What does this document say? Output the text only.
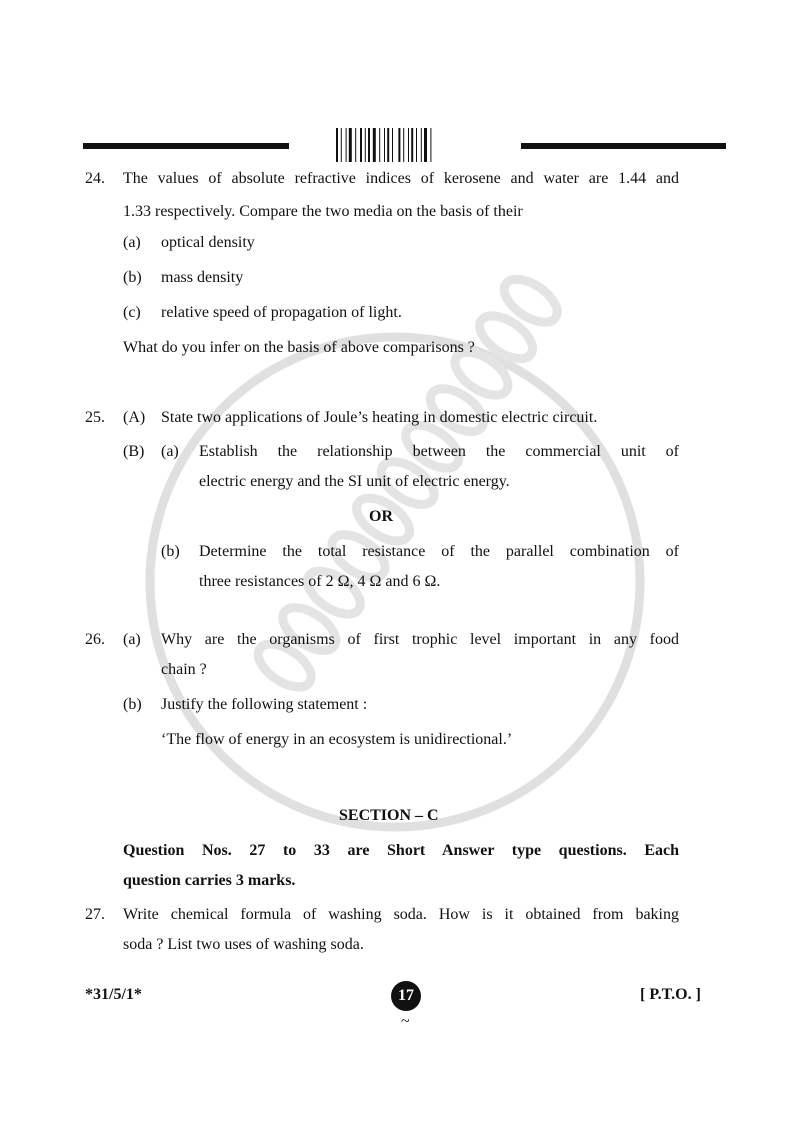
24. The values of absolute refractive indices of kerosene and water are 1.44 and
1.33 respectively. Compare the two media on the basis of their
(a) optical density
(b) mass density
(c) relative speed of propagation of light.
What do you infer on the basis of above comparisons ?
25. (A) State two applications of Joule’s heating in domestic electric circuit.
(B) (a) Establish the relationship between the commercial unit of
electric energy and the SI unit of electric energy.
OR
(b) Determine the total resistance of the parallel combination of
three resistances of 2 Ω, 4 Ω and 6 Ω.
26. (a) Why are the organisms of first trophic level important in any food
chain ?
(b) Justify the following statement :
‘The flow of energy in an ecosystem is unidirectional.’
SECTION – C
Question Nos. 27 to 33 are Short Answer type questions. Each
question carries 3 marks.
27. Write chemical formula of washing soda. How is it obtained from baking
soda ? List two uses of washing soda.
*31/5/1*	17	[ P.T.O. ]
~
